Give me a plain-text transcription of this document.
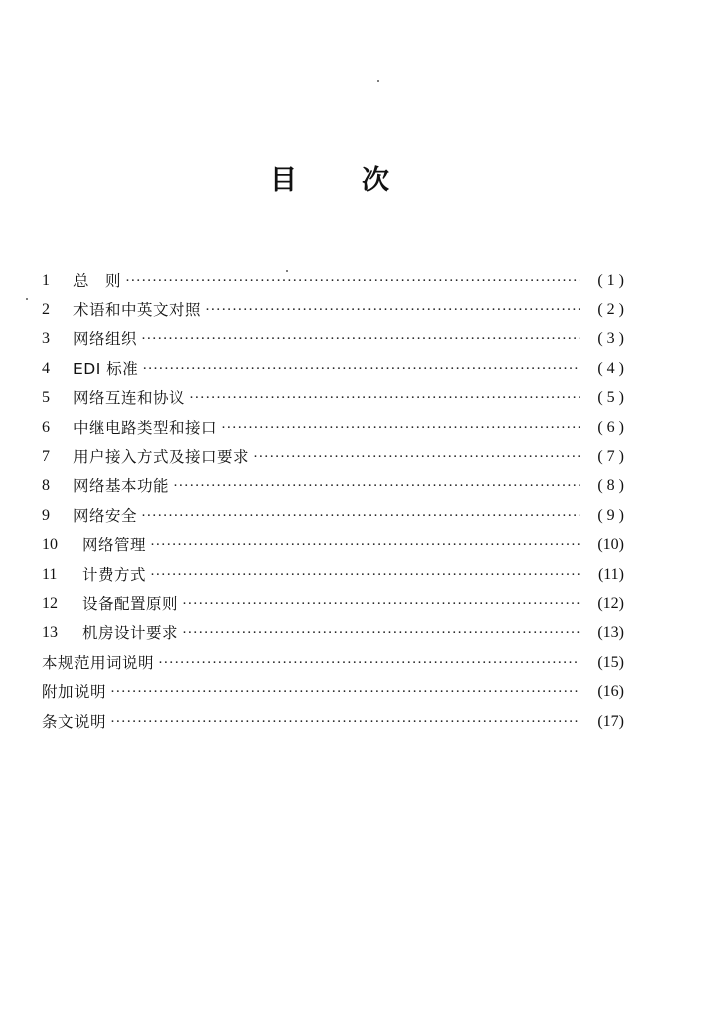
目 次
1	总　则 ·····	( 1 )
2	术语和中英文对照 ·····	( 2 )
3	网络组织 ·····	( 3 )
4	EDI 标准 ·····	( 4 )
5	网络互连和协议 ·····	( 5 )
6	中继电路类型和接口 ·····	( 6 )
7	用户接入方式及接口要求 ·····	( 7 )
8	网络基本功能 ·····	( 8 )
9	网络安全 ·····	( 9 )
10	网络管理 ·····	(10)
11	计费方式 ·····	(11)
12	设备配置原则 ·····	(12)
13	机房设计要求 ·····	(13)
本规范用词说明 ·····	(15)
附加说明 ·····	(16)
条文说明 ·····	(17)
